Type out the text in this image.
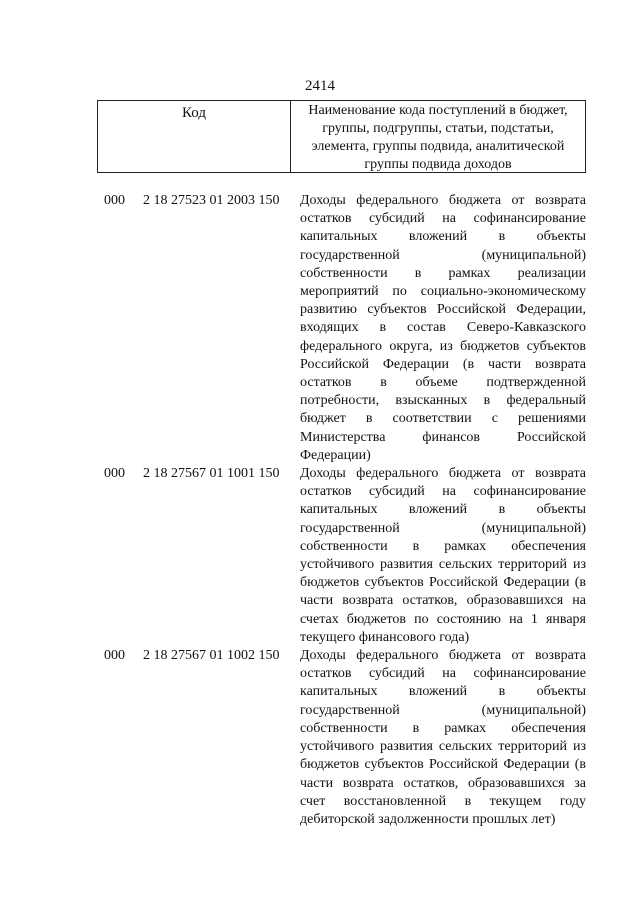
2414
Код	Наименование кода поступлений в бюджет, группы, подгруппы, статьи, подстатьи, элемента, группы подвида, аналитической группы подвида доходов
000 2 18 27523 01 2003 150 Доходы федерального бюджета от возврата остатков субсидий на софинансирование капитальных вложений в объекты государственной (муниципальной) собственности в рамках реализации мероприятий по социально-экономическому развитию субъектов Российской Федерации, входящих в состав Северо-Кавказского федерального округа, из бюджетов субъектов Российской Федерации (в части возврата остатков в объеме подтвержденной потребности, взысканных в федеральный бюджет в соответствии с решениями Министерства финансов Российской Федерации)
000 2 18 27567 01 1001 150 Доходы федерального бюджета от возврата остатков субсидий на софинансирование капитальных вложений в объекты государственной (муниципальной) собственности в рамках обеспечения устойчивого развития сельских территорий из бюджетов субъектов Российской Федерации (в части возврата остатков, образовавшихся на счетах бюджетов по состоянию на 1 января текущего финансового года)
000 2 18 27567 01 1002 150 Доходы федерального бюджета от возврата остатков субсидий на софинансирование капитальных вложений в объекты государственной (муниципальной) собственности в рамках обеспечения устойчивого развития сельских территорий из бюджетов субъектов Российской Федерации (в части возврата остатков, образовавшихся за счет восстановленной в текущем году дебиторской задолженности прошлых лет)
